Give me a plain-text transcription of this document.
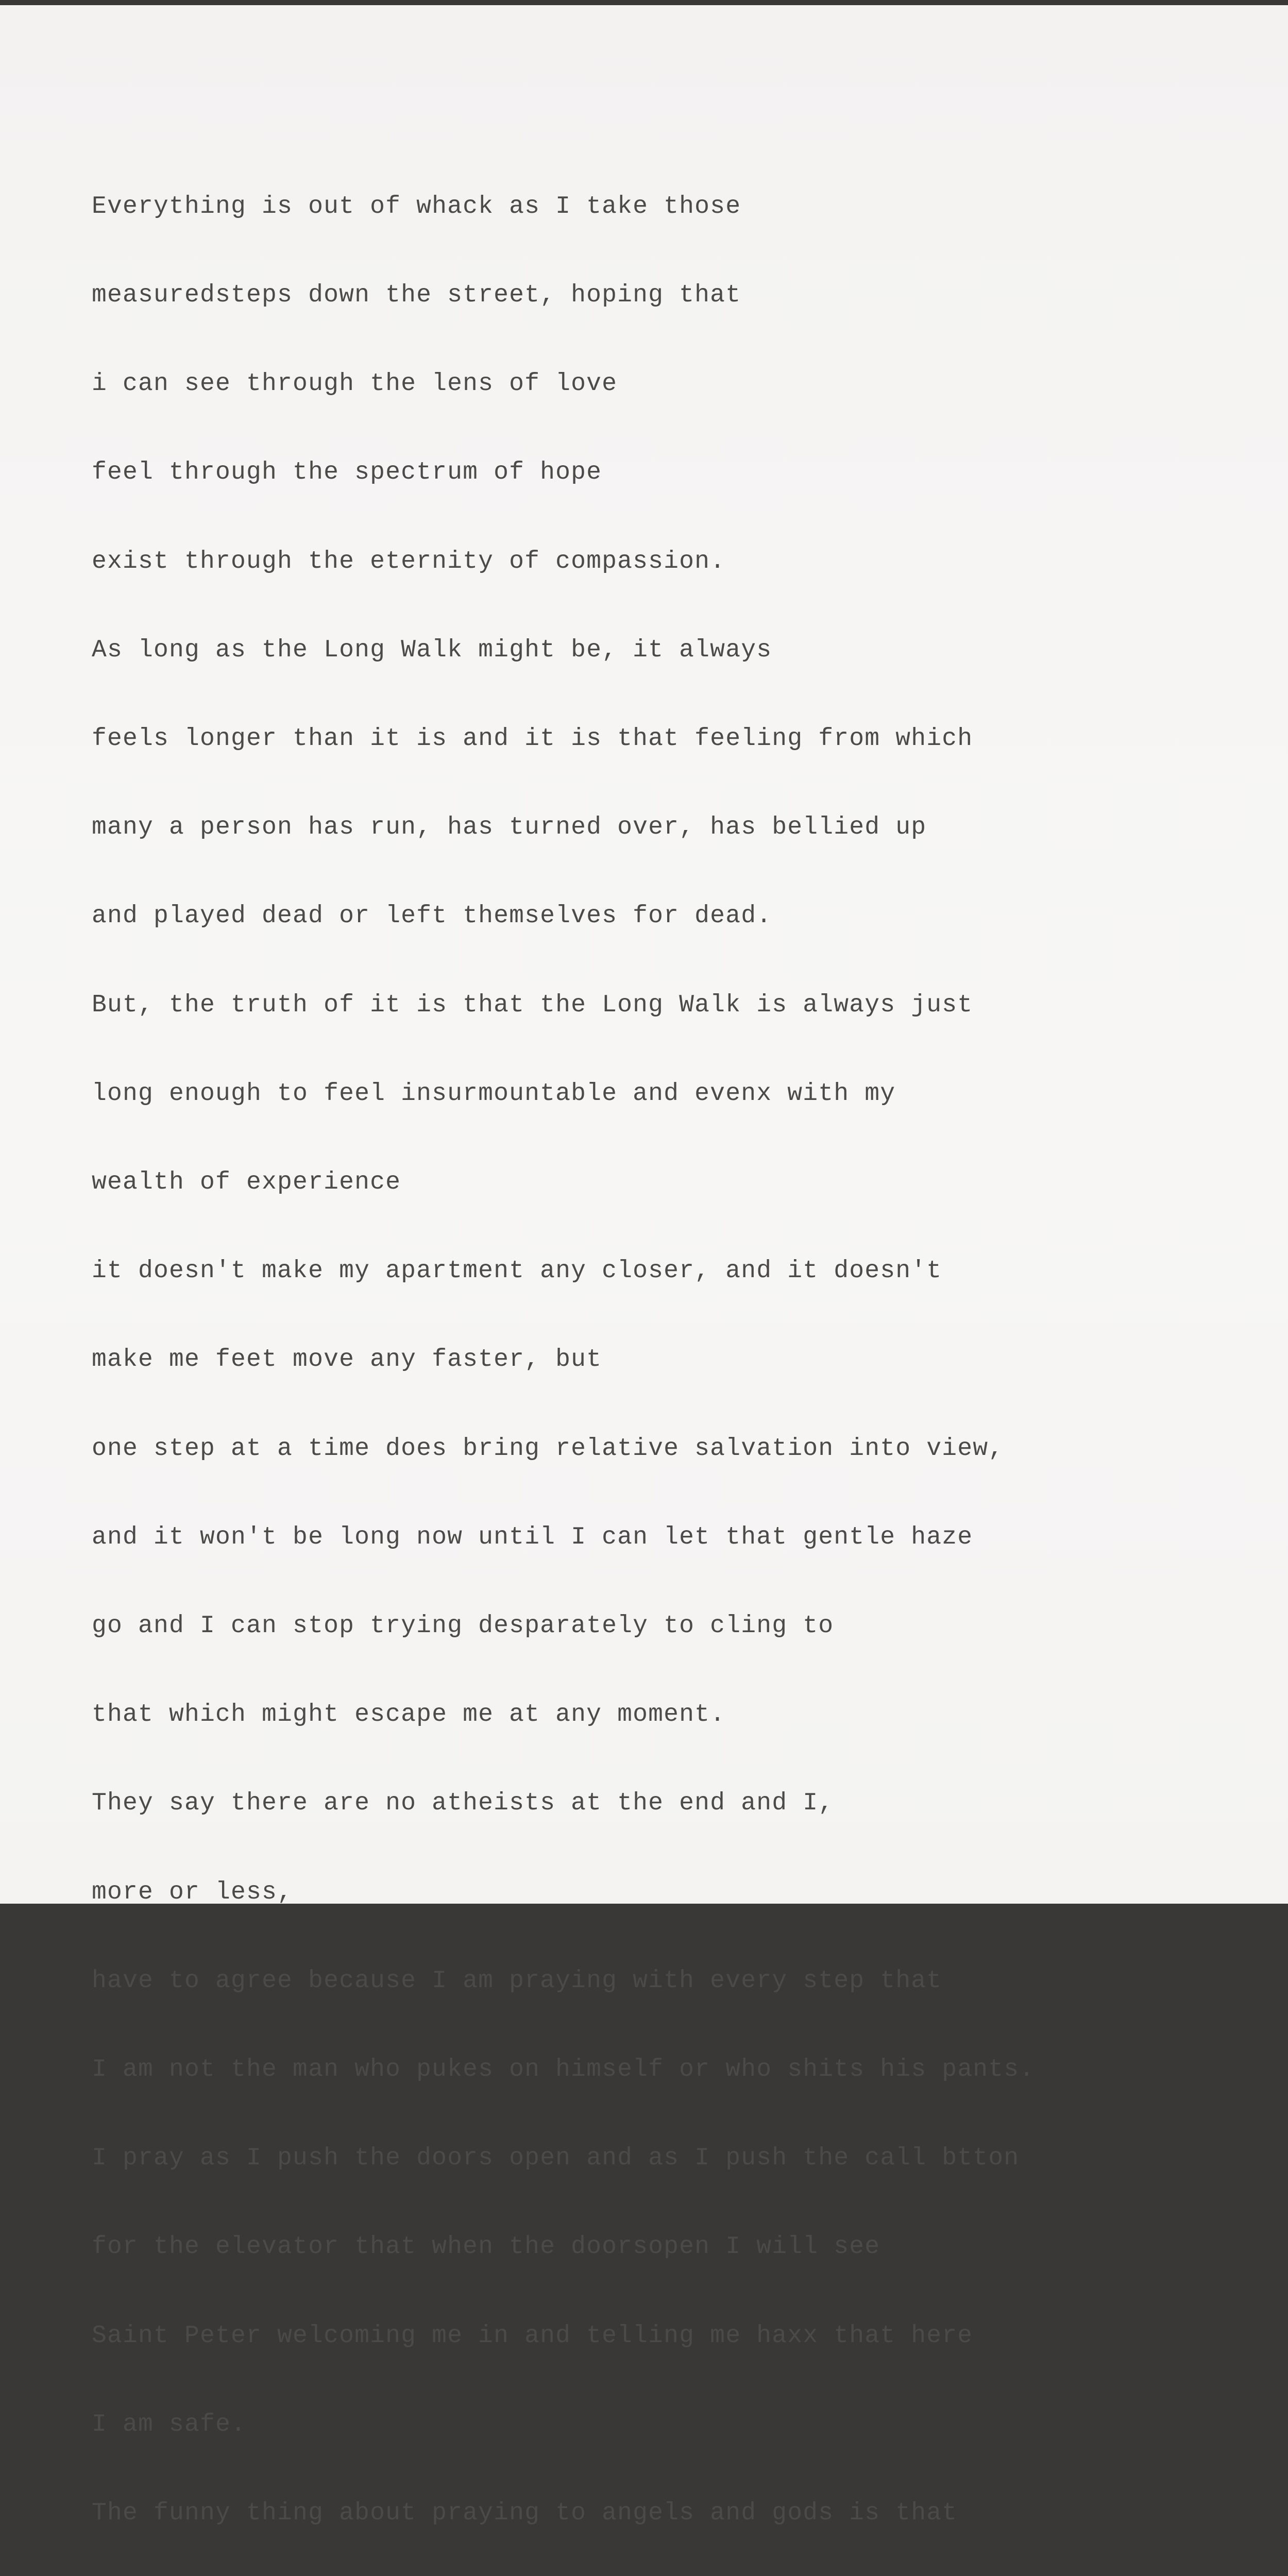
Everything is out of whack as I take those

measuredsteps down the street, hoping that

i can see through the lens of love

feel through the spectrum of hope

exist through the eternity of compassion.

As long as the Long Walk might be, it always

feels longer than it is and it is that feeling from which

many a person has run, has turned over, has bellied up

and played dead or left themselves for dead.

But, the truth of it is that the Long Walk is always just

long enough to feel insurmountable and evenx with my

wealth of experience

it doesn't make my apartment any closer, and it doesn't

make me feet move any faster, but

one step at a time does bring relative salvation into view,

and it won't be long now until I can let that gentle haze

go and I can stop trying desparately to cling to

that which might escape me at any moment.

They say there are no atheists at the end and I,

more or less,

have to agree because I am praying with every step that

I am not the man who pukes on himself or who shits his pants.

I pray as I push the doors open and as I push the call btton

for the elevator that when the doorsopen I will see

Saint Peter welcoming me in and telling me haxx that here

I am safe.

The funny thing about praying to angels and gods is that
